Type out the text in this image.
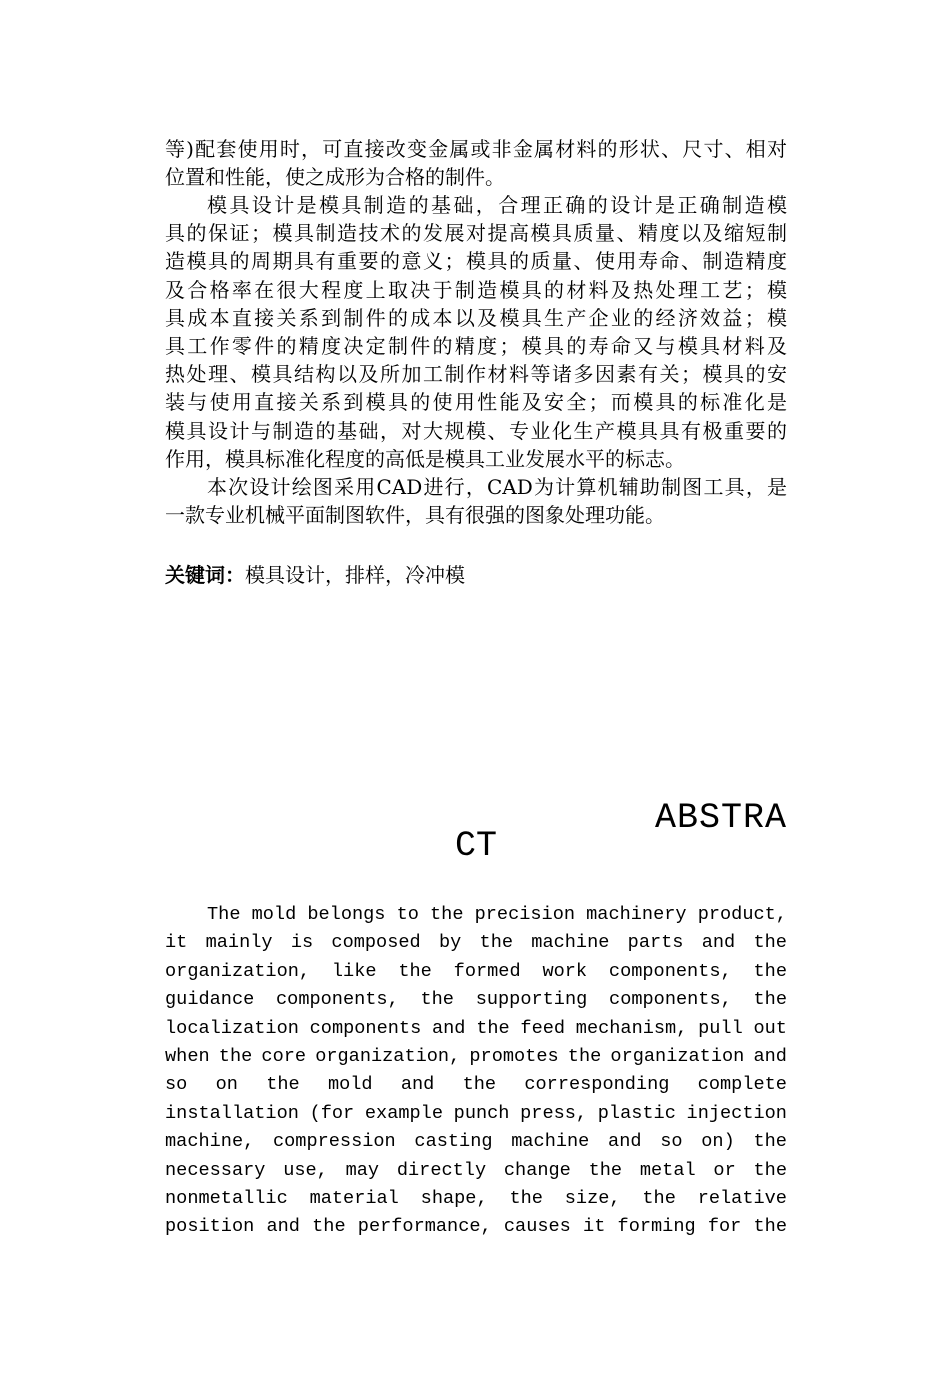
等)配套使用时，可直接改变金属或非金属材料的形状、尺寸、相对

位置和性能，使之成形为合格的制件。

模具设计是模具制造的基础，合理正确的设计是正确制造模

具的保证；模具制造技术的发展对提高模具质量、精度以及缩短制

造模具的周期具有重要的意义；模具的质量、使用寿命、制造精度

及合格率在很大程度上取决于制造模具的材料及热处理工艺；模

具成本直接关系到制件的成本以及模具生产企业的经济效益；模

具工作零件的精度决定制件的精度；模具的寿命又与模具材料及

热处理、模具结构以及所加工制作材料等诸多因素有关；模具的安

装与使用直接关系到模具的使用性能及安全；而模具的标准化是

模具设计与制造的基础，对大规模、专业化生产模具具有极重要的

作用，模具标准化程度的高低是模具工业发展水平的标志。

本次设计绘图采用CAD进行，CAD为计算机辅助制图工具，是

一款专业机械平面制图软件，具有很强的图象处理功能。

关键词：模具设计，排样，冷冲模
ABSTRA
CT
The mold belongs to the precision machinery product,
it mainly is composed by the machine parts and the
organization, like the formed work components, the
guidance components, the supporting components, the
localization components and the feed mechanism, pull out
when the core organization, promotes the organization and
so on the mold and the corresponding complete
installation (for example punch press, plastic injection
machine, compression casting machine and so on) the
necessary use, may directly change the metal or the
nonmetallic material shape, the size, the relative
position and the performance, causes it forming for the
